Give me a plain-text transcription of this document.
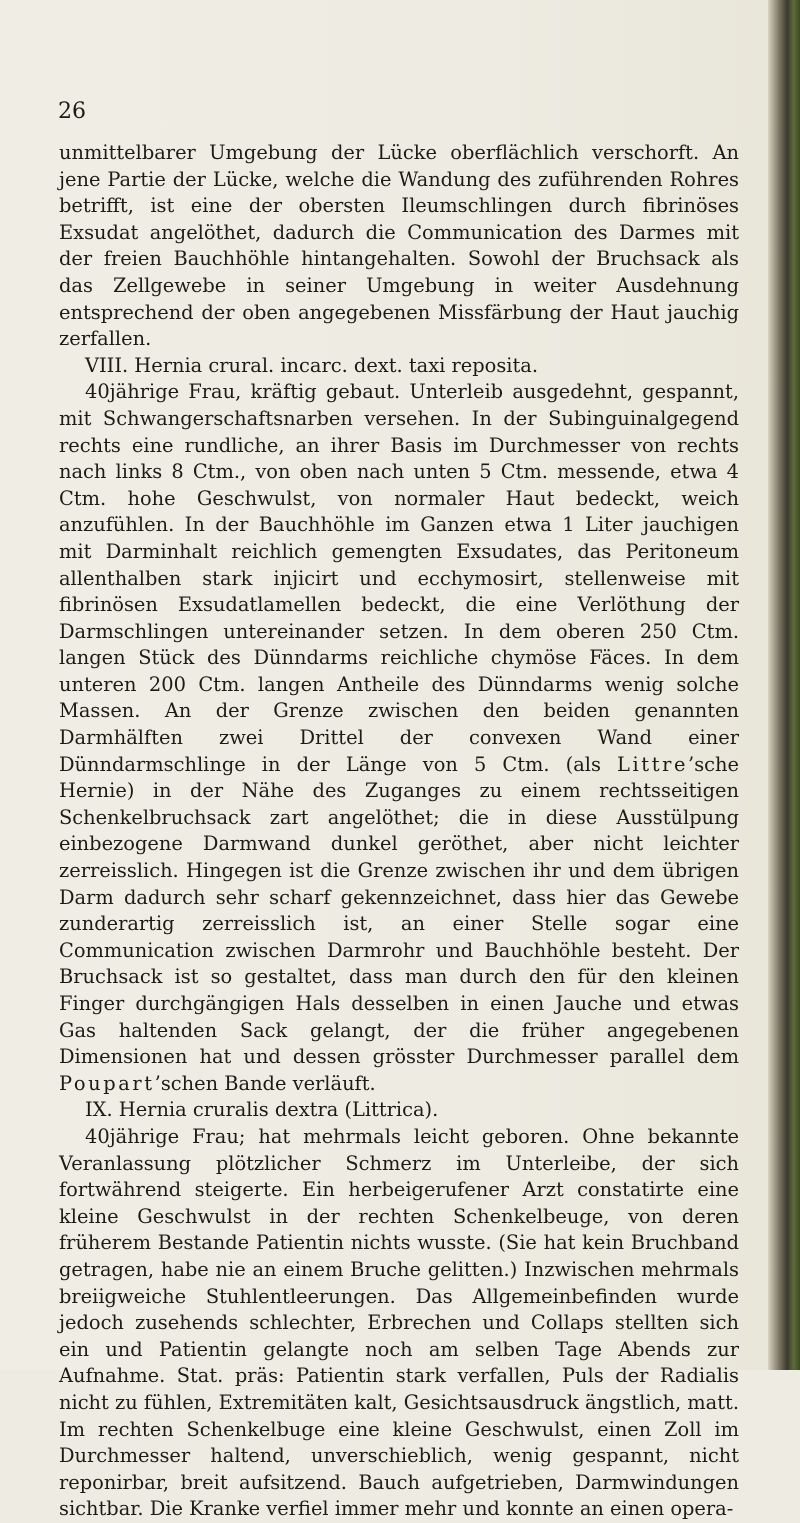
26

unmittelbarer Umgebung der Lücke oberflächlich verschorft. An jene Partie der Lücke, welche die Wandung des zuführenden Rohres betrifft, ist eine der obersten Ileumschlingen durch fibrinöses Exsudat angelöthet, dadurch die Communication des Darmes mit der freien Bauchhöhle hintangehalten. Sowohl der Bruchsack als das Zellgewebe in seiner Umgebung in weiter Ausdehnung entsprechend der oben angegebenen Missfärbung der Haut jauchig zerfallen.

VIII. Hernia crural. incarc. dext. taxi reposita.

40jährige Frau, kräftig gebaut. Unterleib ausgedehnt, gespannt, mit Schwangerschaftsnarben versehen. In der Subinguinalgegend rechts eine rundliche, an ihrer Basis im Durchmesser von rechts nach links 8 Ctm., von oben nach unten 5 Ctm. messende, etwa 4 Ctm. hohe Geschwulst, von normaler Haut bedeckt, weich anzufühlen. In der Bauchhöhle im Ganzen etwa 1 Liter jauchigen mit Darminhalt reichlich gemengten Exsudates, das Peritoneum allenthalben stark injicirt und ecchymosirt, stellenweise mit fibrinösen Exsudatlamellen bedeckt, die eine Verlöthung der Darmschlingen untereinander setzen. In dem oberen 250 Ctm. langen Stück des Dünndarms reichliche chymöse Fäces. In dem unteren 200 Ctm. langen Antheile des Dünndarms wenig solche Massen. An der Grenze zwischen den beiden genannten Darmhälften zwei Drittel der convexen Wand einer Dünndarmschlinge in der Länge von 5 Ctm. (als Littre’sche Hernie) in der Nähe des Zuganges zu einem rechtsseitigen Schenkelbruchsack zart angelöthet; die in diese Ausstülpung einbezogene Darmwand dunkel geröthet, aber nicht leichter zerreisslich. Hingegen ist die Grenze zwischen ihr und dem übrigen Darm dadurch sehr scharf gekennzeichnet, dass hier das Gewebe zunderartig zerreisslich ist, an einer Stelle sogar eine Communication zwischen Darmrohr und Bauchhöhle besteht. Der Bruchsack ist so gestaltet, dass man durch den für den kleinen Finger durchgängigen Hals desselben in einen Jauche und etwas Gas haltenden Sack gelangt, der die früher angegebenen Dimensionen hat und dessen grösster Durchmesser parallel dem Poupart’schen Bande verläuft.

IX. Hernia cruralis dextra (Littrica).

40jährige Frau; hat mehrmals leicht geboren. Ohne bekannte Veranlassung plötzlicher Schmerz im Unterleibe, der sich fortwährend steigerte. Ein herbeigerufener Arzt constatirte eine kleine Geschwulst in der rechten Schenkelbeuge, von deren früherem Bestande Patientin nichts wusste. (Sie hat kein Bruchband getragen, habe nie an einem Bruche gelitten.) Inzwischen mehrmals breiigweiche Stuhlentleerungen. Das Allgemeinbefinden wurde jedoch zusehends schlechter, Erbrechen und Collaps stellten sich ein und Patientin gelangte noch am selben Tage Abends zur Aufnahme. Stat. präs: Patientin stark verfallen, Puls der Radialis nicht zu fühlen, Extremitäten kalt, Gesichtsausdruck ängstlich, matt. Im rechten Schenkelbuge eine kleine Geschwulst, einen Zoll im Durchmesser haltend, unverschieblich, wenig gespannt, nicht reponirbar, breit aufsitzend. Bauch aufgetrieben, Darmwindungen sichtbar. Die Kranke verfiel immer mehr und konnte an einen opera-
